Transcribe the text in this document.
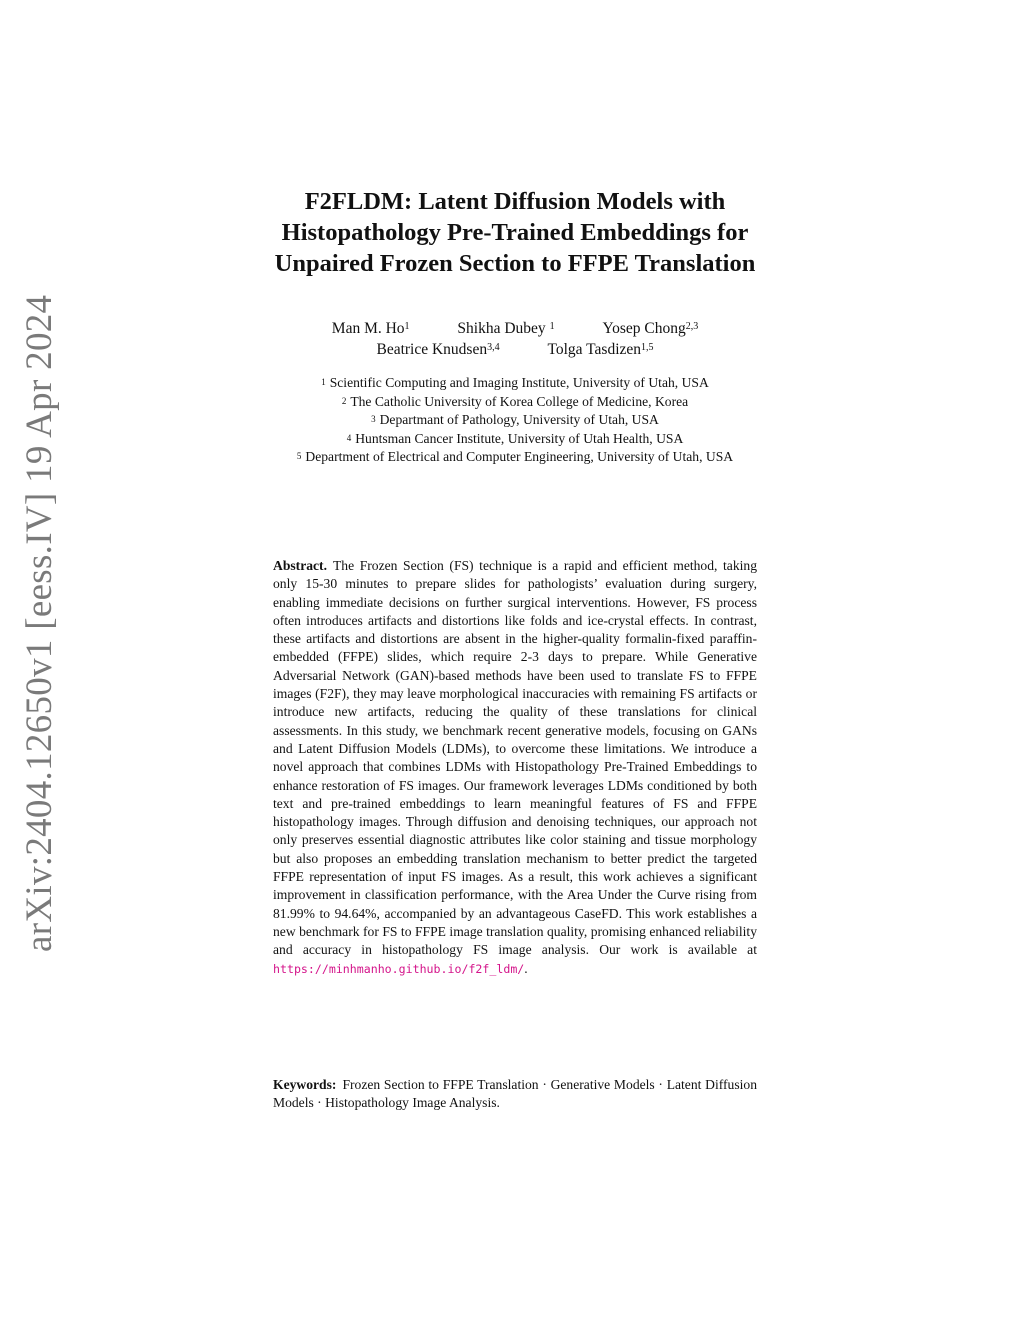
arXiv:2404.12650v1 [eess.IV] 19 Apr 2024
F2FLDM: Latent Diffusion Models with
Histopathology Pre-Trained Embeddings for
Unpaired Frozen Section to FFPE Translation
Man M. Ho$^1$	Shikha Dubey $^1$	Yosep Chong$^{2,3}$
Beatrice Knudsen$^{3,4}$	Tolga Tasdizen$^{1,5}$
$^1$ Scientific Computing and Imaging Institute, University of Utah, USA
$^2$ The Catholic University of Korea College of Medicine, Korea
$^3$ Departmant of Pathology, University of Utah, USA
$^4$ Huntsman Cancer Institute, University of Utah Health, USA
$^5$ Department of Electrical and Computer Engineering, University of Utah, USA

Abstract. The Frozen Section (FS) technique is a rapid and efficient method, taking only 15-30 minutes to prepare slides for pathologists’ evaluation during surgery, enabling immediate decisions on further surgical interventions. However, FS process often introduces artifacts and distortions like folds and ice-crystal effects. In contrast, these artifacts and distortions are absent in the higher-quality formalin-fixed paraffin-embedded (FFPE) slides, which require 2-3 days to prepare. While Generative Adversarial Network (GAN)-based methods have been used to translate FS to FFPE images (F2F), they may leave morphological inaccuracies with remaining FS artifacts or introduce new artifacts, reducing the quality of these translations for clinical assessments. In this study, we benchmark recent generative models, focusing on GANs and Latent Diffusion Models (LDMs), to overcome these limitations. We introduce a novel approach that combines LDMs with Histopathology Pre-Trained Embeddings to enhance restoration of FS images. Our framework leverages LDMs conditioned by both text and pre-trained embeddings to learn meaningful features of FS and FFPE histopathology images. Through diffusion and denoising techniques, our approach not only preserves essential diagnostic attributes like color staining and tissue morphology but also proposes an embedding translation mechanism to better predict the targeted FFPE representation of input FS images. As a result, this work achieves a significant improvement in classification performance, with the Area Under the Curve rising from 81.99% to 94.64%, accompanied by an advantageous CaseFD. This work establishes a new benchmark for FS to FFPE image translation quality, promising enhanced reliability and accuracy in histopathology FS image analysis. Our work is available at https://minhmanho.github.io/f2f_ldm/.

Keywords: Frozen Section to FFPE Translation · Generative Models · Latent Diffusion Models · Histopathology Image Analysis.
